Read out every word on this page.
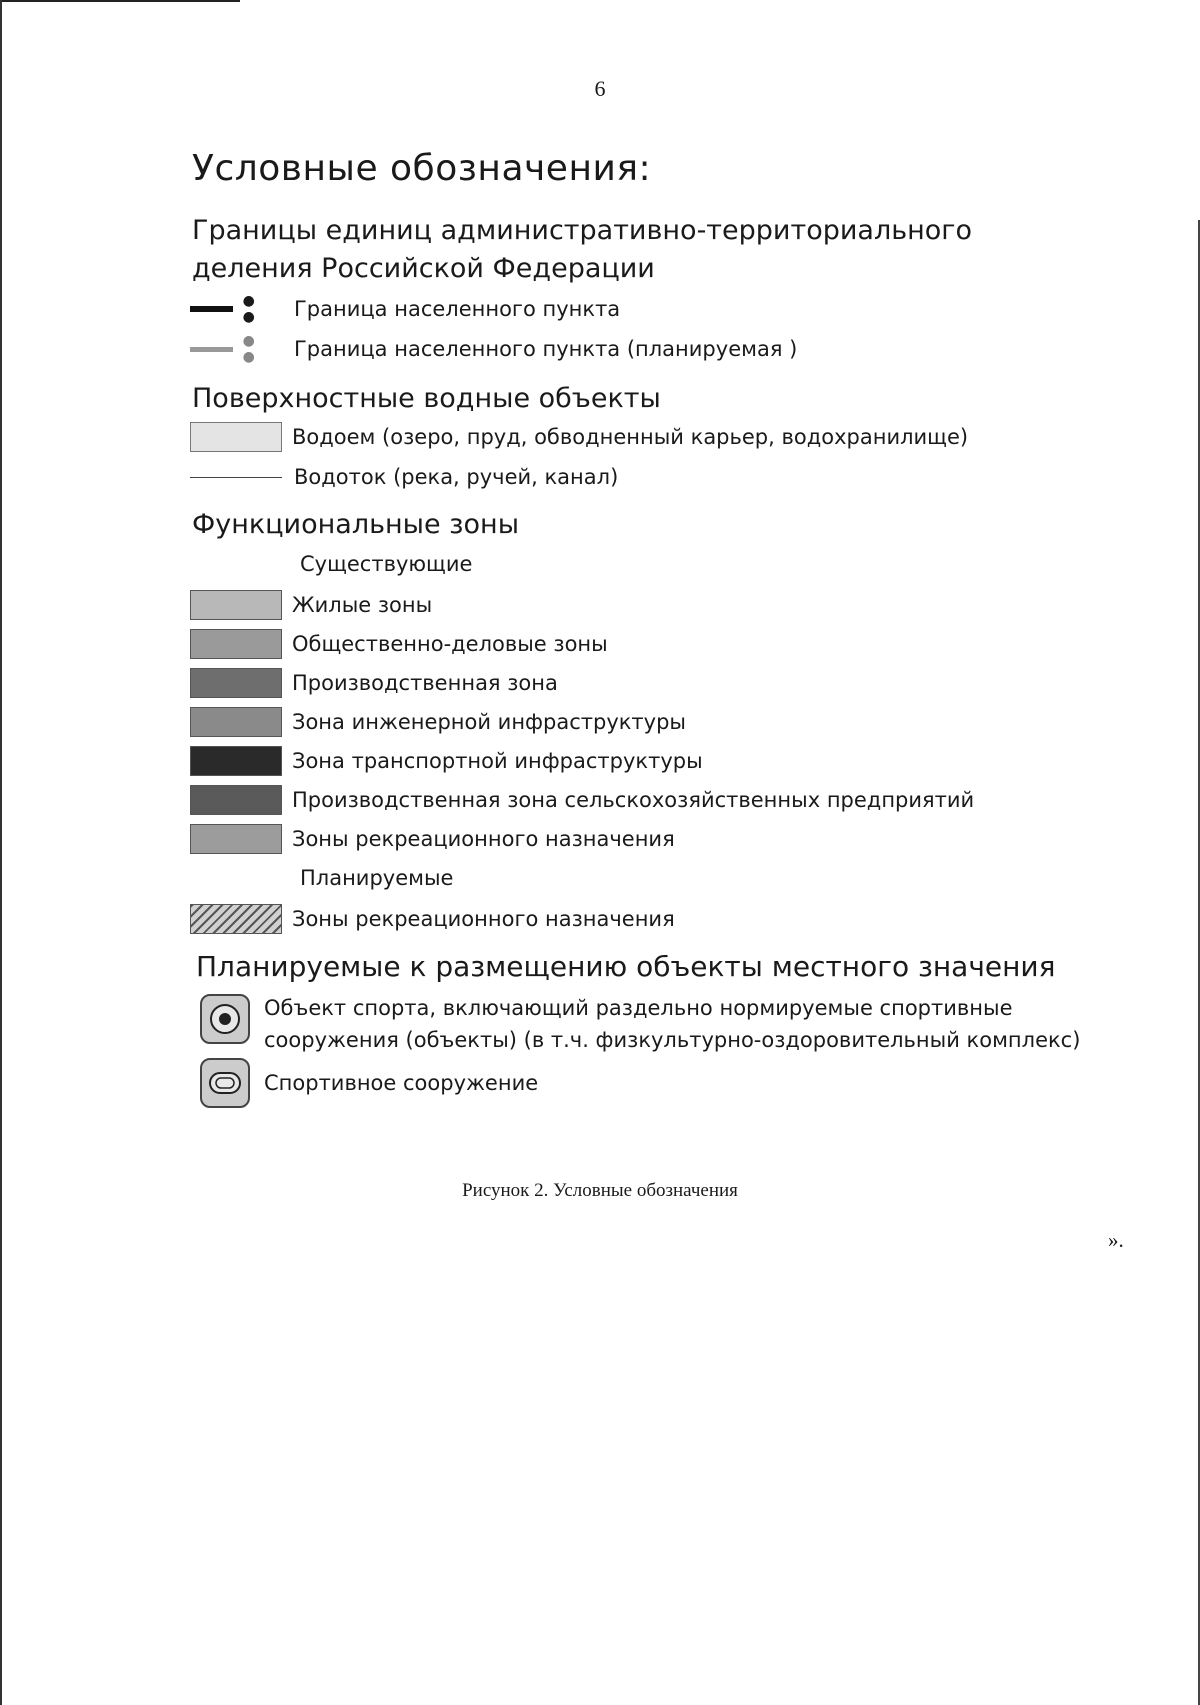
6
Условные обозначения:
Границы единиц административно-территориального
деления Российской Федерации
● ●	Граница населенного пункта
● ●	Граница населенного пункта (планируемая )
Поверхностные водные объекты
Водоем (озеро, пруд, обводненный карьер, водохранилище)
Водоток (река, ручей, канал)
Функциональные зоны
Существующие
Жилые зоны
Общественно-деловые зоны
Производственная зона
Зона инженерной инфраструктуры
Зона транспортной инфраструктуры
Производственная зона сельскохозяйственных предприятий
Зоны рекреационного назначения
Планируемые
Зоны рекреационного назначения
Планируемые к размещению объекты местного значения
Объект спорта, включающий раздельно нормируемые спортивные
сооружения (объекты) (в т.ч. физкультурно-оздоровительный комплекс)
Спортивное сооружение
Рисунок 2. Условные обозначения
».
